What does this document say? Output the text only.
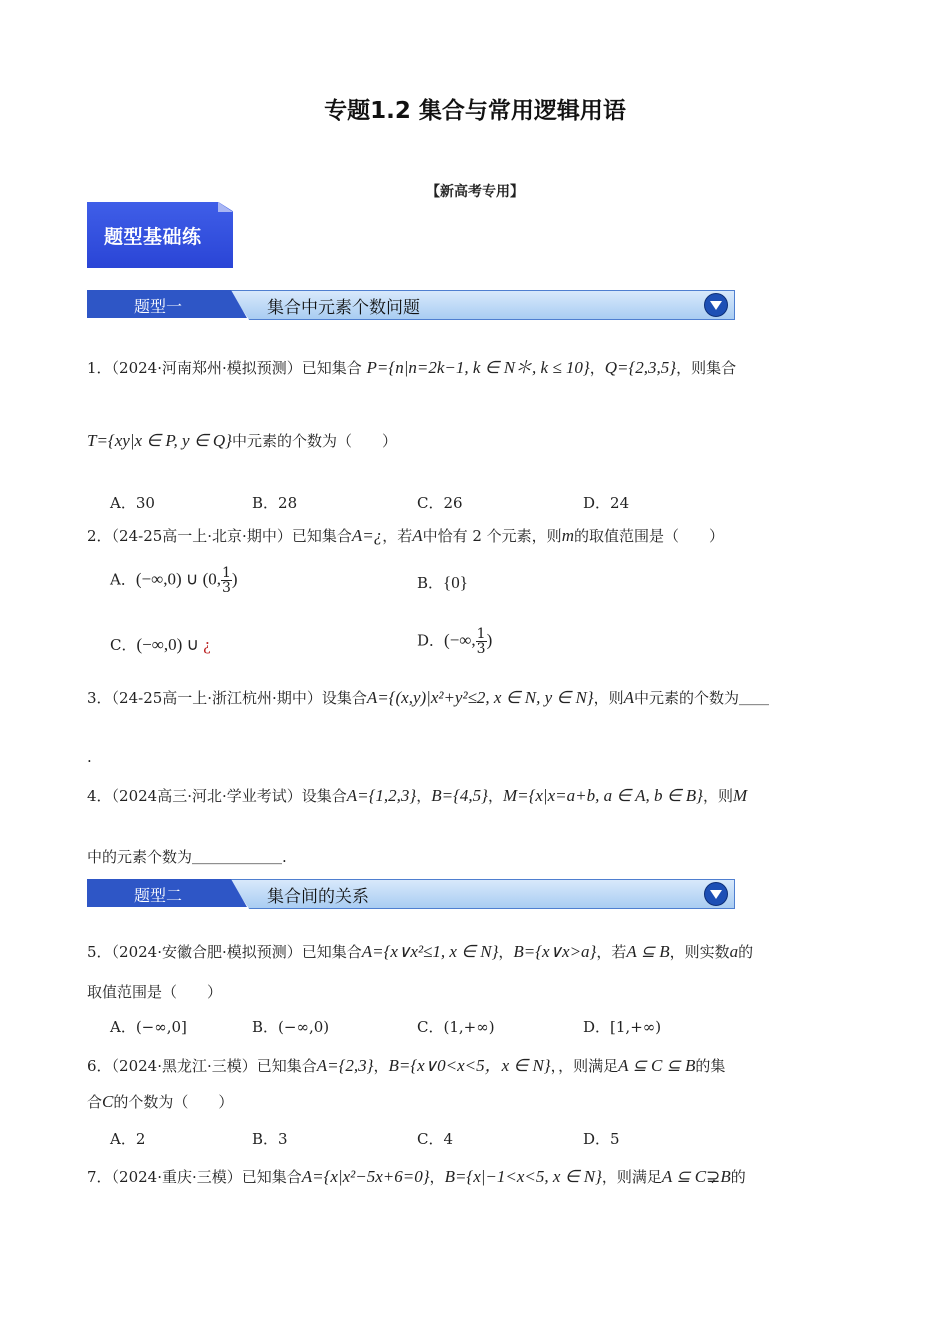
专题1.2 集合与常用逻辑用语
【新高考专用】
题型基础练
题型一	集合中元素个数问题
1．（2024·河南郑州·模拟预测）已知集合 P={n|n=2k−1, k ∈ N＊, k ≤ 10}，Q={2,3,5}，则集合
T={xy|x ∈ P, y ∈ Q}中元素的个数为（　　）
A．30	B．28	C．26	D．24
2．（24-25高一上·北京·期中）已知集合A=¿，若A中恰有 2 个元素，则m的取值范围是（　　）
A．(−∞,0) ∪ (0, $\frac{1}{3}$ )	B．{0}
C．(−∞,0) ∪ ¿	D．(−∞, $\frac{1}{3}$ )
3．（24-25高一上·浙江杭州·期中）设集合A={(x,y)|x²+y²≤2, x ∈ N, y ∈ N}，则A中元素的个数为＿＿
.
4．（2024高三·河北·学业考试）设集合A={1,2,3}，B={4,5}，M={x|x=a+b, a ∈ A, b ∈ B}，则M
中的元素个数为＿＿＿＿＿＿.
题型二	集合间的关系
5．（2024·安徽合肥·模拟预测）已知集合A={x∨x²≤1, x ∈ N}，B={x∨x>a}，若A ⊆ B，则实数a的
取值范围是（　　）
A．(−∞,0]	B．(−∞,0)	C．(1,+∞)	D．[1,+∞)
6．（2024·黑龙江·三模）已知集合A={2,3}，B={x∨0<x<5，x ∈ N}，，则满足A ⊆ C ⊆ B的集
合C的个数为（　　）
A．2	B．3	C．4	D．5
7．（2024·重庆·三模）已知集合A={x|x²−5x+6=0}，B={x|−1<x<5, x ∈ N}，则满足A ⊆ C⊋B的
